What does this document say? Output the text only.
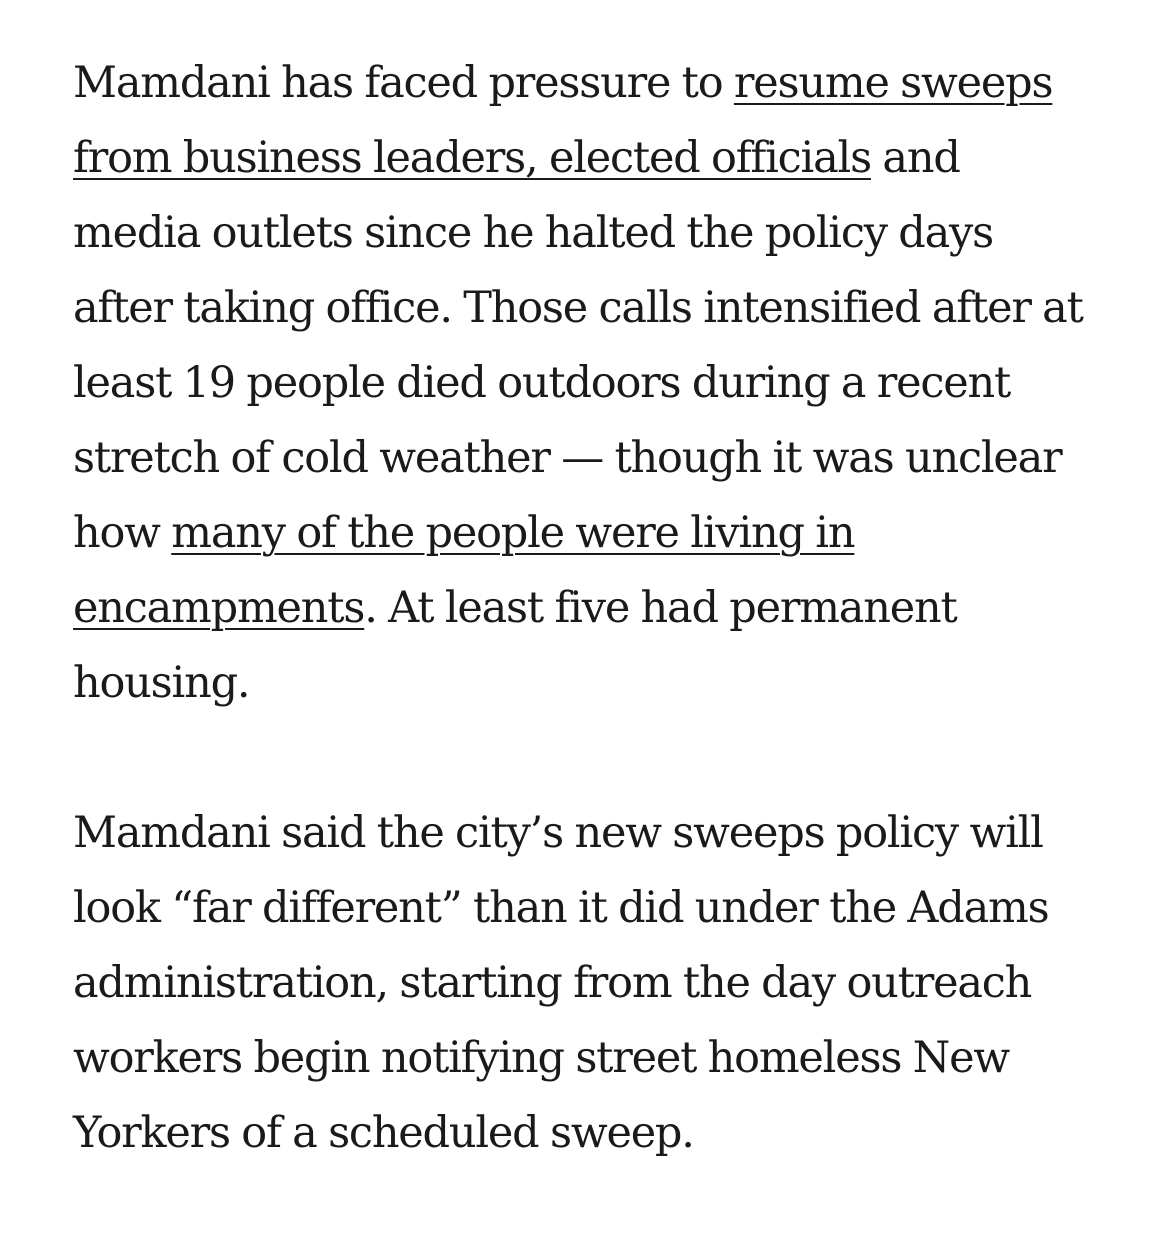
Mamdani has faced pressure to resume sweeps from business leaders, elected officials and media outlets since he halted the policy days after taking office. Those calls intensified after at least 19 people died outdoors during a recent stretch of cold weather — though it was unclear how many of the people were living in encampments. At least five had permanent housing.

Mamdani said the city’s new sweeps policy will look “far different” than it did under the Adams administration, starting from the day outreach workers begin notifying street homeless New Yorkers of a scheduled sweep.
